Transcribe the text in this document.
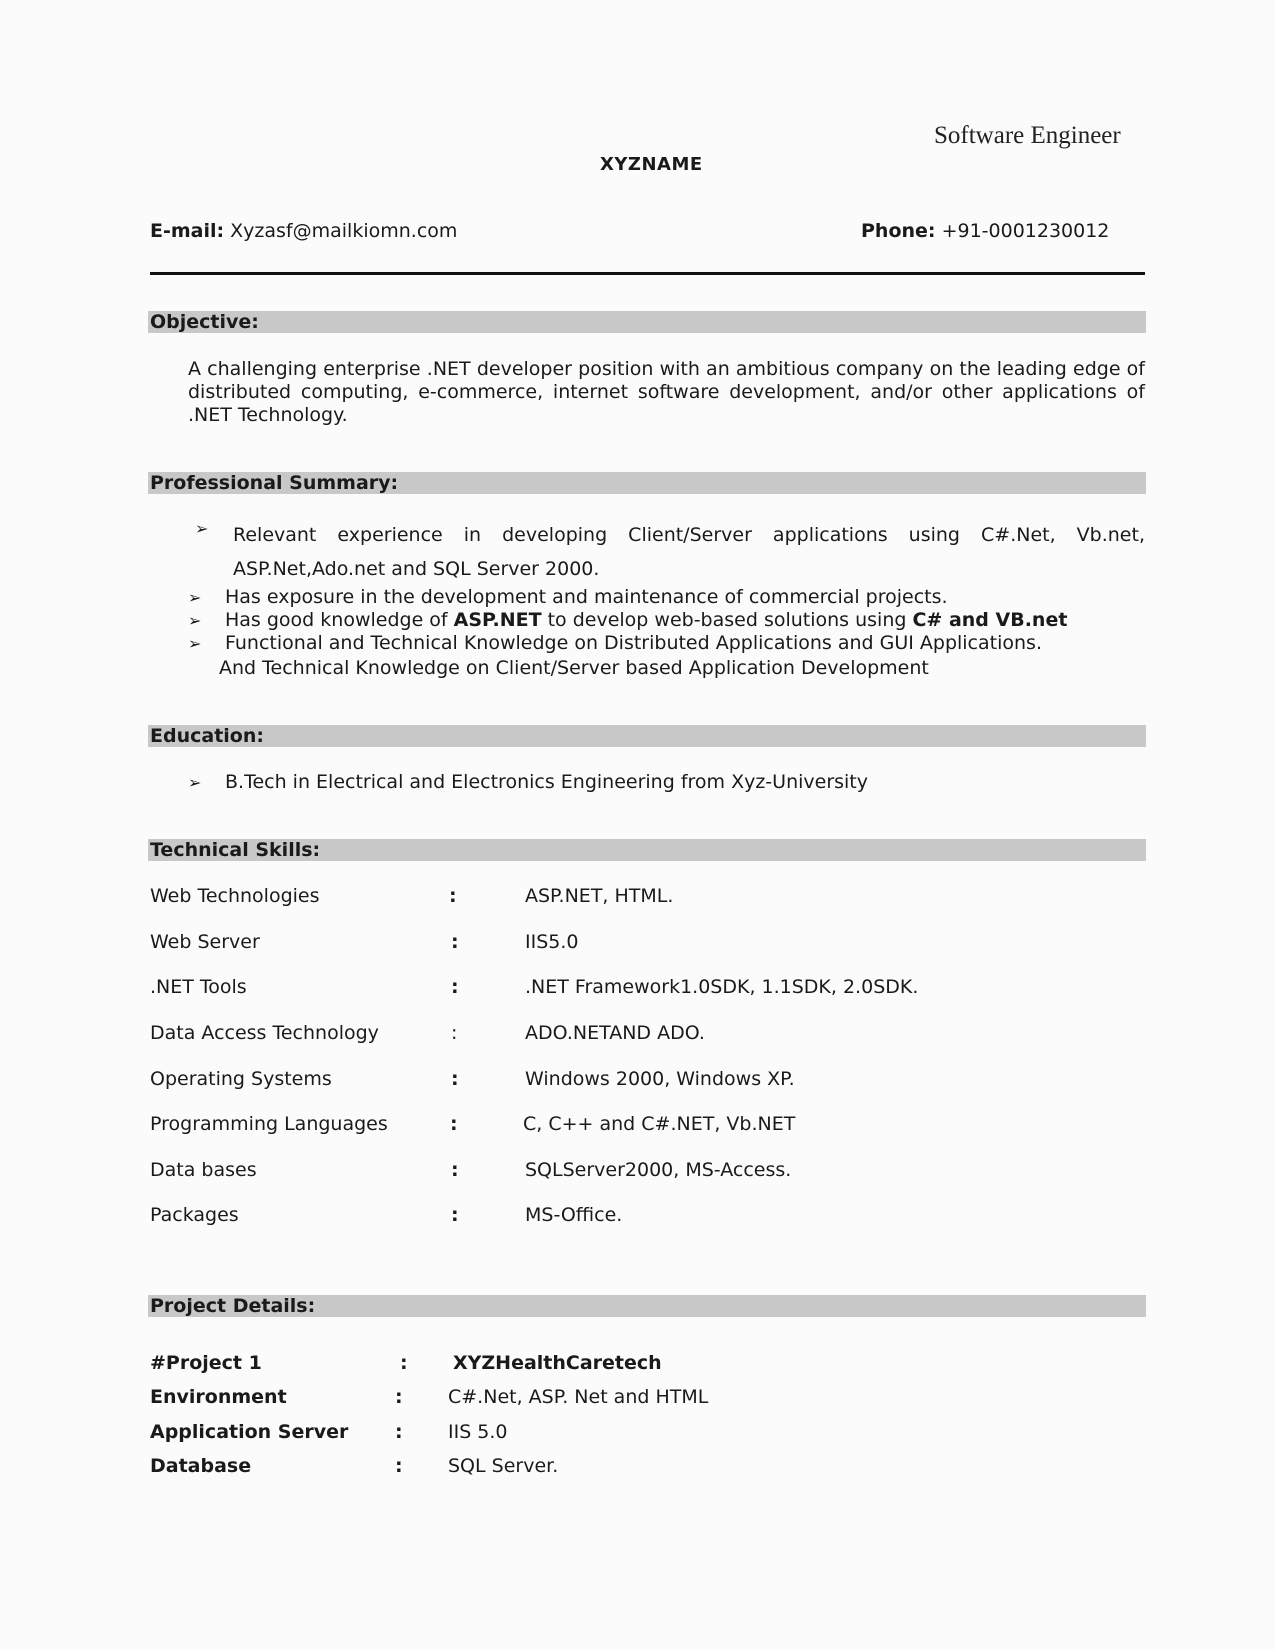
Software Engineer
XYZNAME
E-mail: Xyzasf@mailkiomn.com	Phone: +91-0001230012
Objective:
A challenging enterprise .NET developer position with an ambitious company on the leading edge of distributed computing, e-commerce, internet software development, and/or other applications of .NET Technology.
Professional Summary:
➢ Relevant experience in developing Client/Server applications using C#.Net, Vb.net, ASP.Net,Ado.net and SQL Server 2000.
➢ Has exposure in the development and maintenance of commercial projects.
➢ Has good knowledge of ASP.NET to develop web-based solutions using C# and VB.net
➢ Functional and Technical Knowledge on Distributed Applications and GUI Applications.
And Technical Knowledge on Client/Server based Application Development
Education:
➢ B.Tech in Electrical and Electronics Engineering from Xyz-University
Technical Skills:
Web Technologies	:	ASP.NET, HTML.
Web Server	:	IIS5.0
.NET Tools	:	.NET Framework1.0SDK, 1.1SDK, 2.0SDK.
Data Access Technology	:	ADO.NETAND ADO.
Operating Systems	:	Windows 2000, Windows XP.
Programming Languages	:	C, C++ and C#.NET, Vb.NET
Data bases	:	SQLServer2000, MS-Access.
Packages	:	MS-Office.
Project Details:
#Project 1	: XYZHealthCaretech
Environment	: C#.Net, ASP. Net and HTML
Application Server : IIS 5.0
Database	: SQL Server.
